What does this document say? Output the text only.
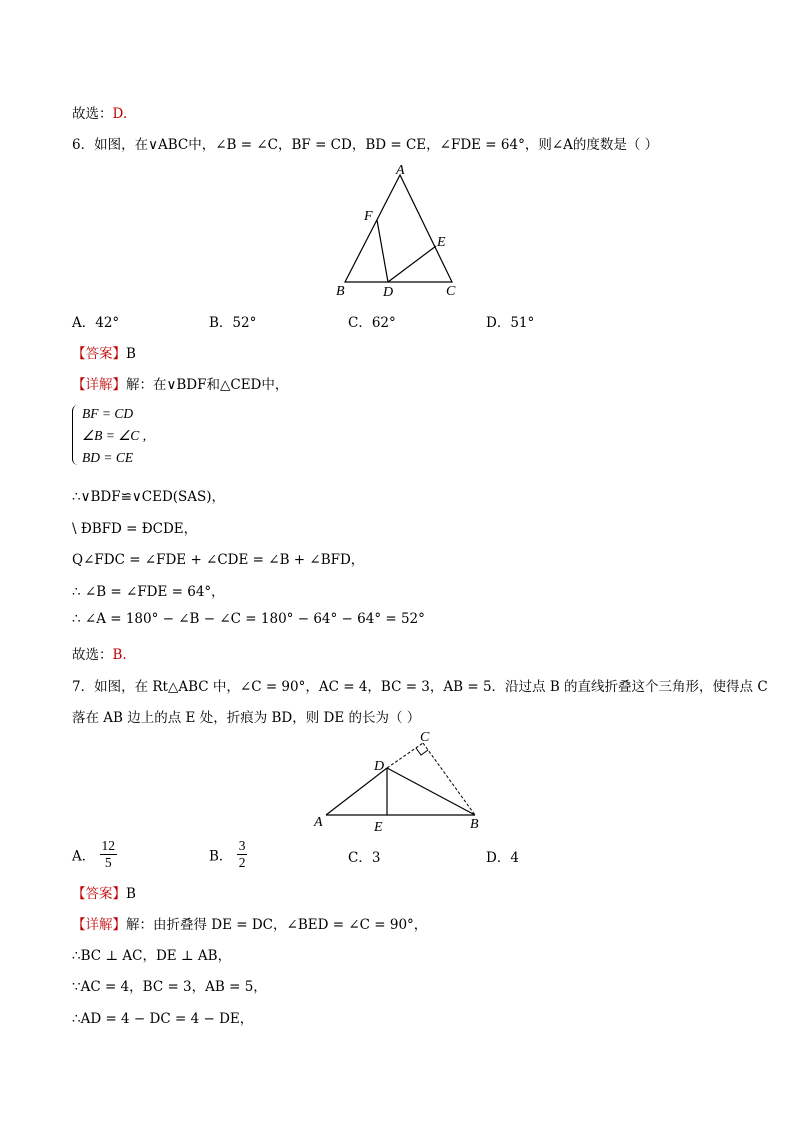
故选：D.
6．如图，在∨ABC中，∠B = ∠C，BF = CD，BD = CE，∠FDE = 64°，则∠A的度数是（ ）
A
B	C
D
E
F
A．42°	B．52°	C．62°	D．51°
【答案】B
【详解】解：在∨BDF和△CED中，
BF = CD
∠B = ∠C ,
BD = CE
∴∨BDF≌∨CED(SAS)，
\ ÐBFD = ÐCDE，
Q∠FDC = ∠FDE + ∠CDE = ∠B + ∠BFD，
∴ ∠B = ∠FDE = 64°，
∴ ∠A = 180° − ∠B − ∠C = 180° − 64° − 64° = 52°
故选：B.
7．如图，在 Rt△ABC 中，∠C = 90°，AC = 4，BC = 3，AB = 5．沿过点 B 的直线折叠这个三角形，使得点 C
落在 AB 边上的点 E 处，折痕为 BD，则 DE 的长为（ ）
A	B
C
D
E
A． $\frac{12}{5}$	B． $\frac{3}{2}$	C．3	D．4
【答案】B
【详解】解：由折叠得 DE = DC，∠BED = ∠C = 90°，
∴BC ⊥ AC，DE ⊥ AB，
∵AC = 4，BC = 3，AB = 5，
∴AD = 4 − DC = 4 − DE，
